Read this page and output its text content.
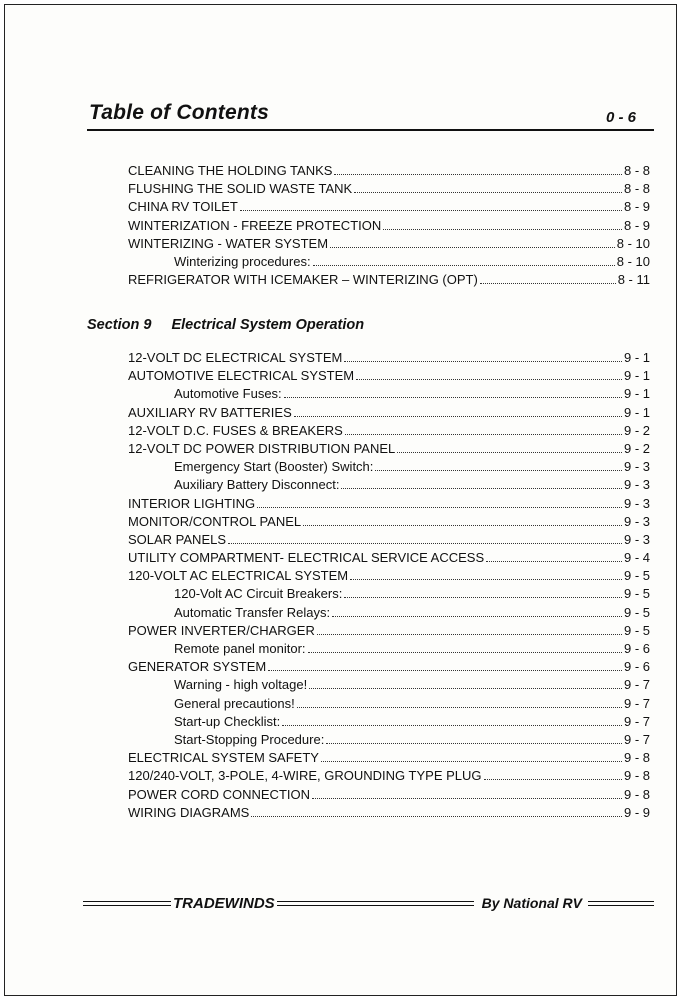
Table of Contents	0 - 6
CLEANING THE HOLDING TANKS	8 - 8
FLUSHING THE SOLID WASTE TANK	8 - 8
CHINA RV TOILET	8 - 9
WINTERIZATION - FREEZE PROTECTION	8 - 9
WINTERIZING - WATER SYSTEM	8 - 10
Winterizing procedures:	8 - 10
REFRIGERATOR WITH ICEMAKER – WINTERIZING (OPT)	8 - 11
Section 9 Electrical System Operation
12-VOLT DC ELECTRICAL SYSTEM	9 - 1
AUTOMOTIVE ELECTRICAL SYSTEM	9 - 1
Automotive Fuses:	9 - 1
AUXILIARY RV BATTERIES	9 - 1
12-VOLT D.C. FUSES & BREAKERS	9 - 2
12-VOLT DC POWER DISTRIBUTION PANEL	9 - 2
Emergency Start (Booster) Switch:	9 - 3
Auxiliary Battery Disconnect:	9 - 3
INTERIOR LIGHTING	9 - 3
MONITOR/CONTROL PANEL	9 - 3
SOLAR PANELS	9 - 3
UTILITY COMPARTMENT- ELECTRICAL SERVICE ACCESS	9 - 4
120-VOLT AC ELECTRICAL SYSTEM	9 - 5
120-Volt AC Circuit Breakers:	9 - 5
Automatic Transfer Relays:	9 - 5
POWER INVERTER/CHARGER	9 - 5
Remote panel monitor:	9 - 6
GENERATOR SYSTEM	9 - 6
Warning - high voltage!	9 - 7
General precautions!	9 - 7
Start-up Checklist:	9 - 7
Start-Stopping Procedure:	9 - 7
ELECTRICAL SYSTEM SAFETY	9 - 8
120/240-VOLT, 3-POLE, 4-WIRE, GROUNDING TYPE PLUG	9 - 8
POWER CORD CONNECTION	9 - 8
WIRING DIAGRAMS	9 - 9
TRADEWINDS	By National RV
